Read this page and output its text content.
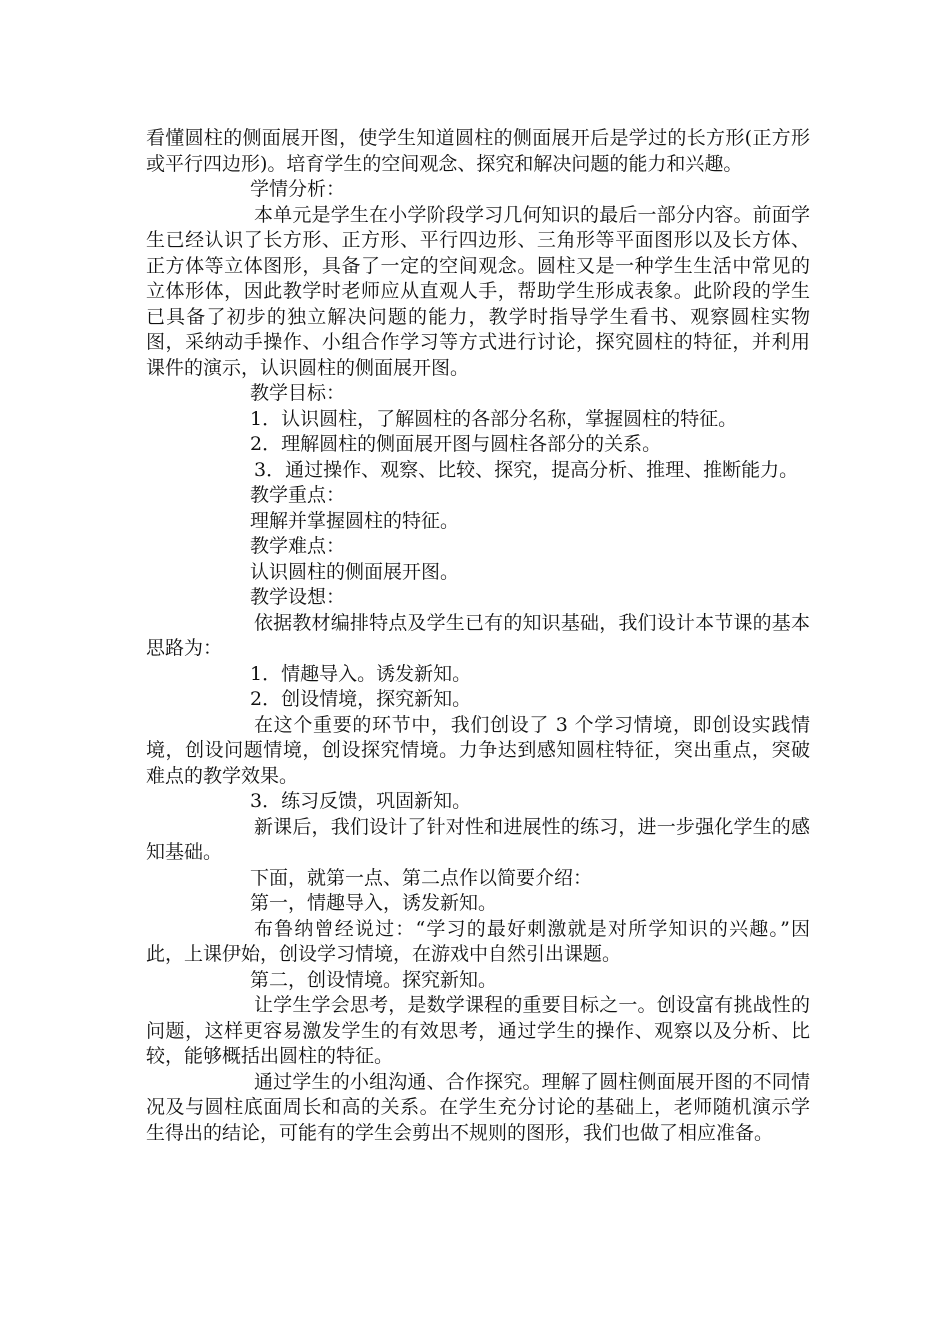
看懂圆柱的侧面展开图，使学生知道圆柱的侧面展开后是学过的长方形(正方形或平行四边形)。培育学生的空间观念、探究和解决问题的能力和兴趣。

学情分析：

本单元是学生在小学阶段学习几何知识的最后一部分内容。前面学生已经认识了长方形、正方形、平行四边形、三角形等平面图形以及长方体、正方体等立体图形，具备了一定的空间观念。圆柱又是一种学生生活中常见的立体形体，因此教学时老师应从直观人手，帮助学生形成表象。此阶段的学生已具备了初步的独立解决问题的能力，教学时指导学生看书、观察圆柱实物图，采纳动手操作、小组合作学习等方式进行讨论，探究圆柱的特征，并利用课件的演示，认识圆柱的侧面展开图。

教学目标：

1．认识圆柱，了解圆柱的各部分名称，掌握圆柱的特征。

2．理解圆柱的侧面展开图与圆柱各部分的关系。

3．通过操作、观察、比较、探究，提高分析、推理、推断能力。

教学重点：

理解并掌握圆柱的特征。

教学难点：

认识圆柱的侧面展开图。

教学设想：

依据教材编排特点及学生已有的知识基础，我们设计本节课的基本思路为：

1．情趣导入。诱发新知。

2．创设情境，探究新知。

在这个重要的环节中，我们创设了 3 个学习情境，即创设实践情境，创设问题情境，创设探究情境。力争达到感知圆柱特征，突出重点，突破难点的教学效果。

3．练习反馈，巩固新知。

新课后，我们设计了针对性和进展性的练习，进一步强化学生的感知基础。

下面，就第一点、第二点作以简要介绍：

第一，情趣导入，诱发新知。

布鲁纳曾经说过：“学习的最好刺激就是对所学知识的兴趣。”因此，上课伊始，创设学习情境，在游戏中自然引出课题。

第二，创设情境。探究新知。

让学生学会思考，是数学课程的重要目标之一。创设富有挑战性的问题，这样更容易激发学生的有效思考，通过学生的操作、观察以及分析、比较，能够概括出圆柱的特征。

通过学生的小组沟通、合作探究。理解了圆柱侧面展开图的不同情况及与圆柱底面周长和高的关系。在学生充分讨论的基础上，老师随机演示学生得出的结论，可能有的学生会剪出不规则的图形，我们也做了相应准备。
